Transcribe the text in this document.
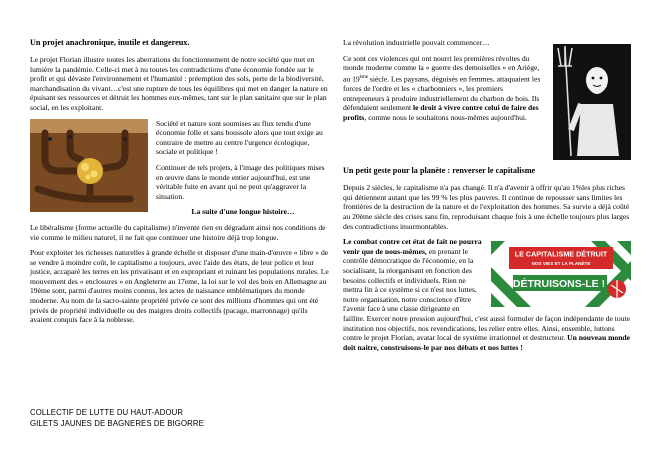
Un projet anachronique, inutile et dangereux.

Le projet Florian illustre toutes les aberrations du fonctionnement de notre société que met en lumière la pandémie. Celle-ci met à nu toutes les contradictions d'une économie fondée sur le profit et qui dévaste l'environnement et l'humanité : préemption des sols, perte de la biodiversité, marchandisation du vivant…c'est une rupture de tous les équilibres qui met en danger la nature en épuisant ses ressources et détruit les hommes eux-mêmes, tant sur le plan sanitaire que sur le plan social, en les exploitant.

Société et nature sont soumises au flux tendu d'une économie folle et sans boussole alors que tout exige au contraire de mettre au centre l'urgence écologique, sociale et politique !

Continuer de tels projets, à l'image des politiques mises en œuvre dans le monde entier aujourd'hui, est une véritable fuite en avant qui ne peut qu'aggraver la situation.

La suite d'une longue histoire…

Le libéralisme (forme actuelle du capitalisme) n'invente rien en dégradant ainsi nos conditions de vie comme le milieu naturel, il ne fait que continuer une histoire déjà trop longue.

Pour exploiter les richesses naturelles à grande échelle et disposer d'une main-d'œuvre « libre » de se vendre à moindre coût, le capitalisme a toujours, avec l'aide des états, de leur police et leur justice, accaparé les terres en les privatisant et en expropriant et ruinant les populations rurales. Le mouvement des « enclosures » en Angleterre au 17eme, la loi sur le vol des bois en Allemagne au 19ème sont, parmi d'autres moins connus, les actes de naissance emblématiques du monde moderne. Au nom de la sacro-sainte propriété privée ce sont des millions d'hommes qui ont été privés de propriété individuelle ou des maigres droits collectifs (pacage, marronnage) qu'ils avaient conquis face à la noblesse.

La révolution industrielle pouvait commencer…

Ce sont ces violences qui ont nourri les premières révoltes du monde moderne comme la « guerre des demoiselles » en Ariège, au 19ème siècle. Les paysans, déguisés en femmes, attaquaient les forces de l'ordre et les « charbonniers », les premiers entrepreneurs à produire industriellement du charbon de bois. Ils défendaient seulement le droit à vivre contre celui de faire des profits, comme nous le souhaitons nous-mêmes aujourd'hui.

Un petit geste pour la planète : renverser le capitalisme

Depuis 2 siècles, le capitalisme n'a pas changé. Il n'a d'avenir à offrir qu'au 1%les plus riches qui détiennent autant que les 99 % les plus pauvres. Il continue de repousser sans limites les frontières de la destruction de la nature et de l'exploitation des hommes. Sa survie a déjà coûté au 20ème siècle des crises sans fin, reproduisant chaque fois à une échelle toujours plus larges des contradictions insurmontables.

LE CAPITALISME DÉTRUIT
NOS VIES ET LA PLANÈTE
DÉTRUISONS-LE !

Le combat contre cet état de fait ne pourra venir que de nous-mêmes, en prenant le contrôle démocratique de l'économie, en la socialisant, la réorganisant en fonction des besoins collectifs et individuels. Rien ne mettra fin à ce système si ce n'est nos luttes, notre organisation, notre conscience d'être l'avenir face à une classe dirigeante en faillite. Exercer notre pression aujourd'hui, c'est aussi formuler de façon indépendante de toute institution nos objectifs, nos revendications, les relier entre elles. Ainsi, ensemble, luttons contre le projet Florian, avatar local de système irrationnel et destructeur. Un nouveau monde doit naitre, construisons-le par nos débats et nos luttes !

COLLECTIF DE LUTTE DU HAUT-ADOUR
GILETS JAUNES DE BAGNERES DE BIGORRE
